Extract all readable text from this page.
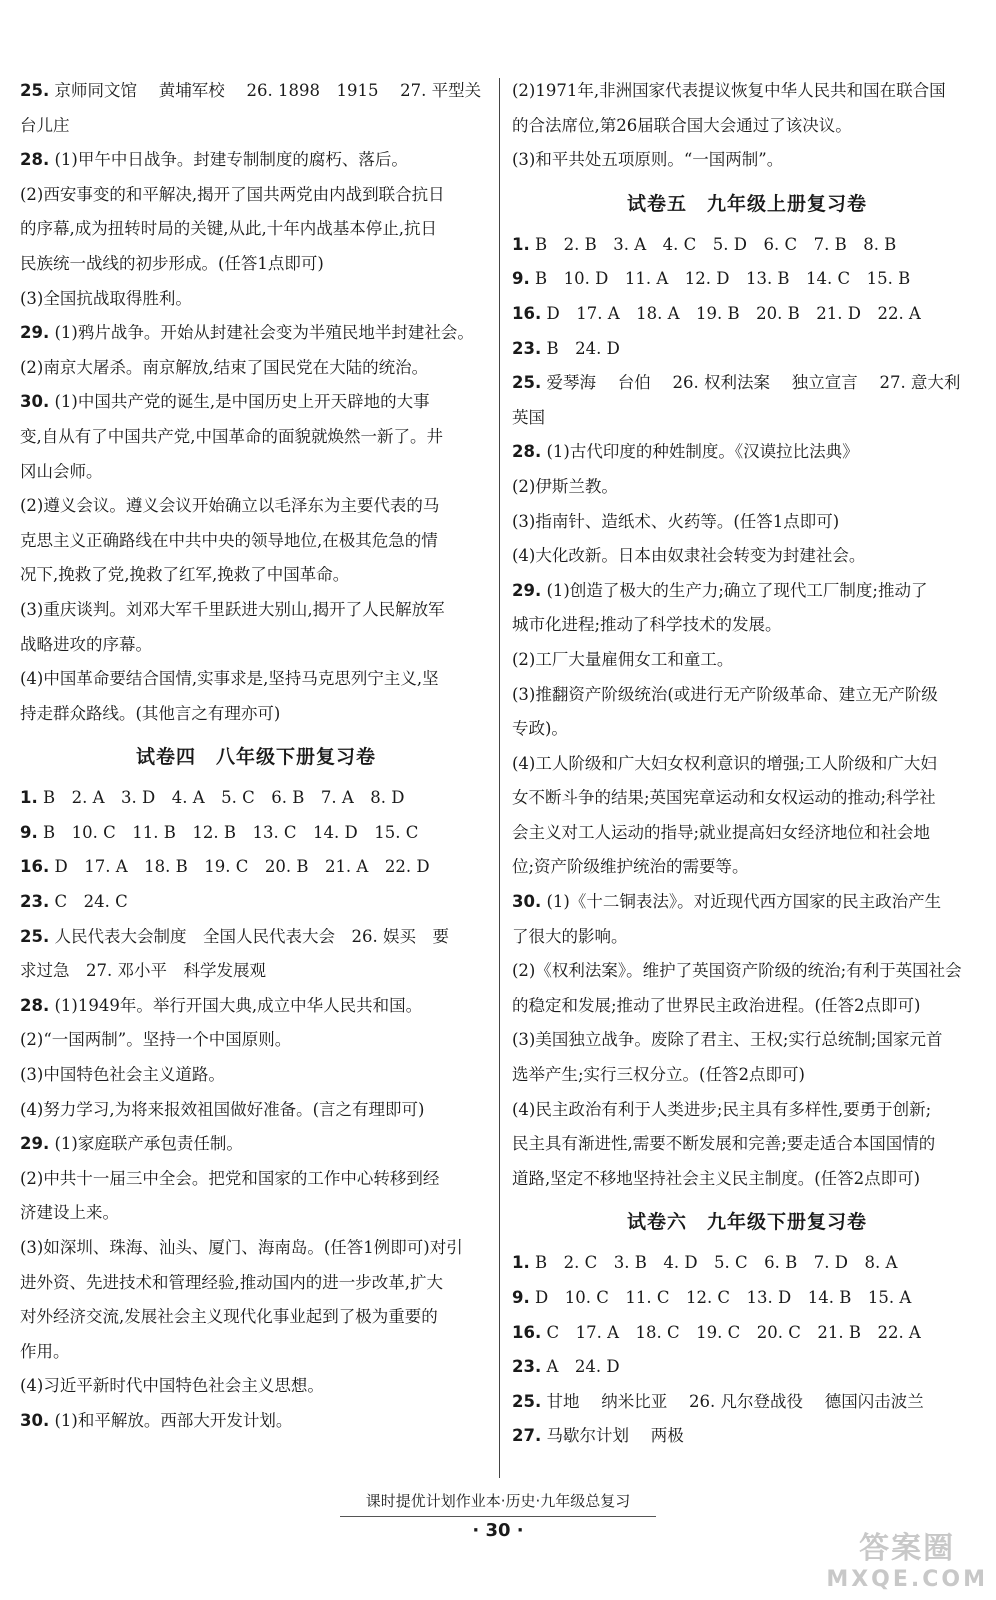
25. 京师同文馆　 黄埔军校　 26. 1898　1915　 27. 平型关
台儿庄
28. (1)甲午中日战争。封建专制制度的腐朽、落后。
(2)西安事变的和平解决,揭开了国共两党由内战到联合抗日
的序幕,成为扭转时局的关键,从此,十年内战基本停止,抗日
民族统一战线的初步形成。(任答1点即可)
(3)全国抗战取得胜利。
29. (1)鸦片战争。开始从封建社会变为半殖民地半封建社会。
(2)南京大屠杀。南京解放,结束了国民党在大陆的统治。
30. (1)中国共产党的诞生,是中国历史上开天辟地的大事
变,自从有了中国共产党,中国革命的面貌就焕然一新了。井
冈山会师。
(2)遵义会议。遵义会议开始确立以毛泽东为主要代表的马
克思主义正确路线在中共中央的领导地位,在极其危急的情
况下,挽救了党,挽救了红军,挽救了中国革命。
(3)重庆谈判。刘邓大军千里跃进大别山,揭开了人民解放军
战略进攻的序幕。
(4)中国革命要结合国情,实事求是,坚持马克思列宁主义,坚
持走群众路线。(其他言之有理亦可)
试卷四　八年级下册复习卷
1. B　2. A　3. D　4. A　5. C　6. B　7. A　8. D
9. B　10. C　11. B　12. B　13. C　14. D　15. C
16. D　17. A　18. B　19. C　20. B　21. A　22. D
23. C　24. C
25. 人民代表大会制度　全国人民代表大会　26. 娱买　要
求过急　27. 邓小平　科学发展观
28. (1)1949年。举行开国大典,成立中华人民共和国。
(2)“一国两制”。坚持一个中国原则。
(3)中国特色社会主义道路。
(4)努力学习,为将来报效祖国做好准备。(言之有理即可)
29. (1)家庭联产承包责任制。
(2)中共十一届三中全会。把党和国家的工作中心转移到经
济建设上来。
(3)如深圳、珠海、汕头、厦门、海南岛。(任答1例即可)对引
进外资、先进技术和管理经验,推动国内的进一步改革,扩大
对外经济交流,发展社会主义现代化事业起到了极为重要的
作用。
(4)习近平新时代中国特色社会主义思想。
30. (1)和平解放。西部大开发计划。
(2)1971年,非洲国家代表提议恢复中华人民共和国在联合国
的合法席位,第26届联合国大会通过了该决议。
(3)和平共处五项原则。“一国两制”。
试卷五　九年级上册复习卷
1. B　2. B　3. A　4. C　5. D　6. C　7. B　8. B
9. B　10. D　11. A　12. D　13. B　14. C　15. B
16. D　17. A　18. A　19. B　20. B　21. D　22. A
23. B　24. D
25. 爱琴海　 台伯　 26. 权利法案　 独立宣言　 27. 意大利
英国
28. (1)古代印度的种姓制度。《汉谟拉比法典》
(2)伊斯兰教。
(3)指南针、造纸术、火药等。(任答1点即可)
(4)大化改新。日本由奴隶社会转变为封建社会。
29. (1)创造了极大的生产力;确立了现代工厂制度;推动了
城市化进程;推动了科学技术的发展。
(2)工厂大量雇佣女工和童工。
(3)推翻资产阶级统治(或进行无产阶级革命、建立无产阶级
专政)。
(4)工人阶级和广大妇女权利意识的增强;工人阶级和广大妇
女不断斗争的结果;英国宪章运动和女权运动的推动;科学社
会主义对工人运动的指导;就业提高妇女经济地位和社会地
位;资产阶级维护统治的需要等。
30. (1)《十二铜表法》。对近现代西方国家的民主政治产生
了很大的影响。
(2)《权利法案》。维护了英国资产阶级的统治;有利于英国社会
的稳定和发展;推动了世界民主政治进程。(任答2点即可)
(3)美国独立战争。废除了君主、王权;实行总统制;国家元首
选举产生;实行三权分立。(任答2点即可)
(4)民主政治有利于人类进步;民主具有多样性,要勇于创新;
民主具有渐进性,需要不断发展和完善;要走适合本国国情的
道路,坚定不移地坚持社会主义民主制度。(任答2点即可)
试卷六　九年级下册复习卷
1. B　2. C　3. B　4. D　5. C　6. B　7. D　8. A
9. D　10. C　11. C　12. C　13. D　14. B　15. A
16. C　17. A　18. C　19. C　20. C　21. B　22. A
23. A　24. D
25. 甘地　 纳米比亚　 26. 凡尔登战役　 德国闪击波兰
27. 马歇尔计划　 两极
课时提优计划作业本·历史·九年级总复习
· 30 ·
答案圈
MXQE.COM
